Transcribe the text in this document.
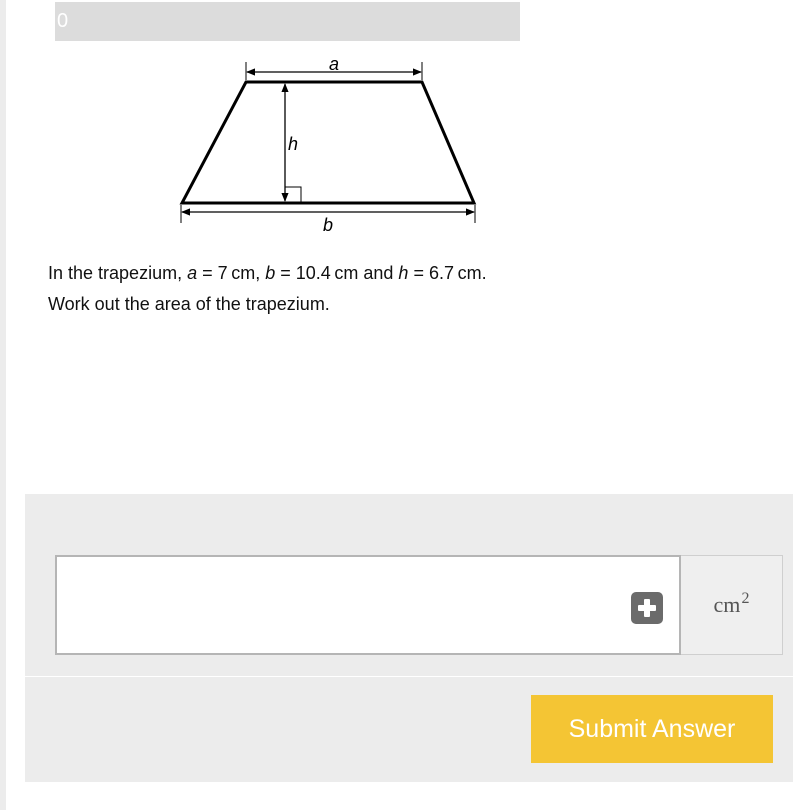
0
a
h
b

In the trapezium, a = 7 cm, b = 10.4 cm and h = 6.7 cm.

Work out the area of the trapezium.

$cm^2$
Submit Answer
